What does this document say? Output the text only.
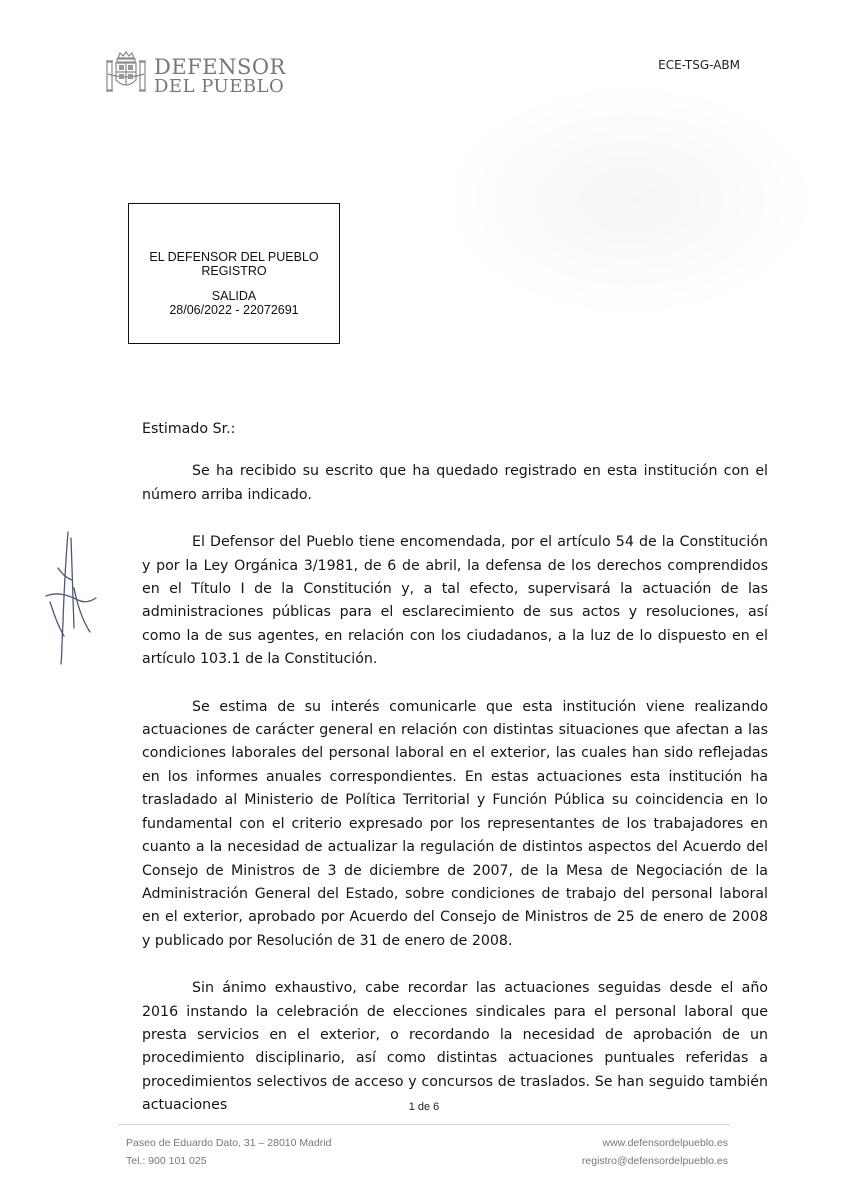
DEFENSOR
DEL PUEBLO
ECE-TSG-ABM
EL DEFENSOR DEL PUEBLO
REGISTRO
SALIDA
28/06/2022 - 22072691

Estimado Sr.:

Se ha recibido su escrito que ha quedado registrado en esta institución con el número arriba indicado.

El Defensor del Pueblo tiene encomendada, por el artículo 54 de la Constitución y por la Ley Orgánica 3/1981, de 6 de abril, la defensa de los derechos comprendidos en el Título I de la Constitución y, a tal efecto, supervisará la actuación de las administraciones públicas para el esclarecimiento de sus actos y resoluciones, así como la de sus agentes, en relación con los ciudadanos, a la luz de lo dispuesto en el artículo 103.1 de la Constitución.

Se estima de su interés comunicarle que esta institución viene realizando actuaciones de carácter general en relación con distintas situaciones que afectan a las condiciones laborales del personal laboral en el exterior, las cuales han sido reflejadas en los informes anuales correspondientes. En estas actuaciones esta institución ha trasladado al Ministerio de Política Territorial y Función Pública su coincidencia en lo fundamental con el criterio expresado por los representantes de los trabajadores en cuanto a la necesidad de actualizar la regulación de distintos aspectos del Acuerdo del Consejo de Ministros de 3 de diciembre de 2007, de la Mesa de Negociación de la Administración General del Estado, sobre condiciones de trabajo del personal laboral en el exterior, aprobado por Acuerdo del Consejo de Ministros de 25 de enero de 2008 y publicado por Resolución de 31 de enero de 2008.

Sin ánimo exhaustivo, cabe recordar las actuaciones seguidas desde el año 2016 instando la celebración de elecciones sindicales para el personal laboral que presta servicios en el exterior, o recordando la necesidad de aprobación de un procedimiento disciplinario, así como distintas actuaciones puntuales referidas a procedimientos selectivos de acceso y concursos de traslados. Se han seguido también actuaciones	1 de 6
Paseo de Eduardo Dato, 31 – 28010 Madrid
Tel.: 900 101 025
www.defensordelpueblo.es
registro@defensordelpueblo.es
